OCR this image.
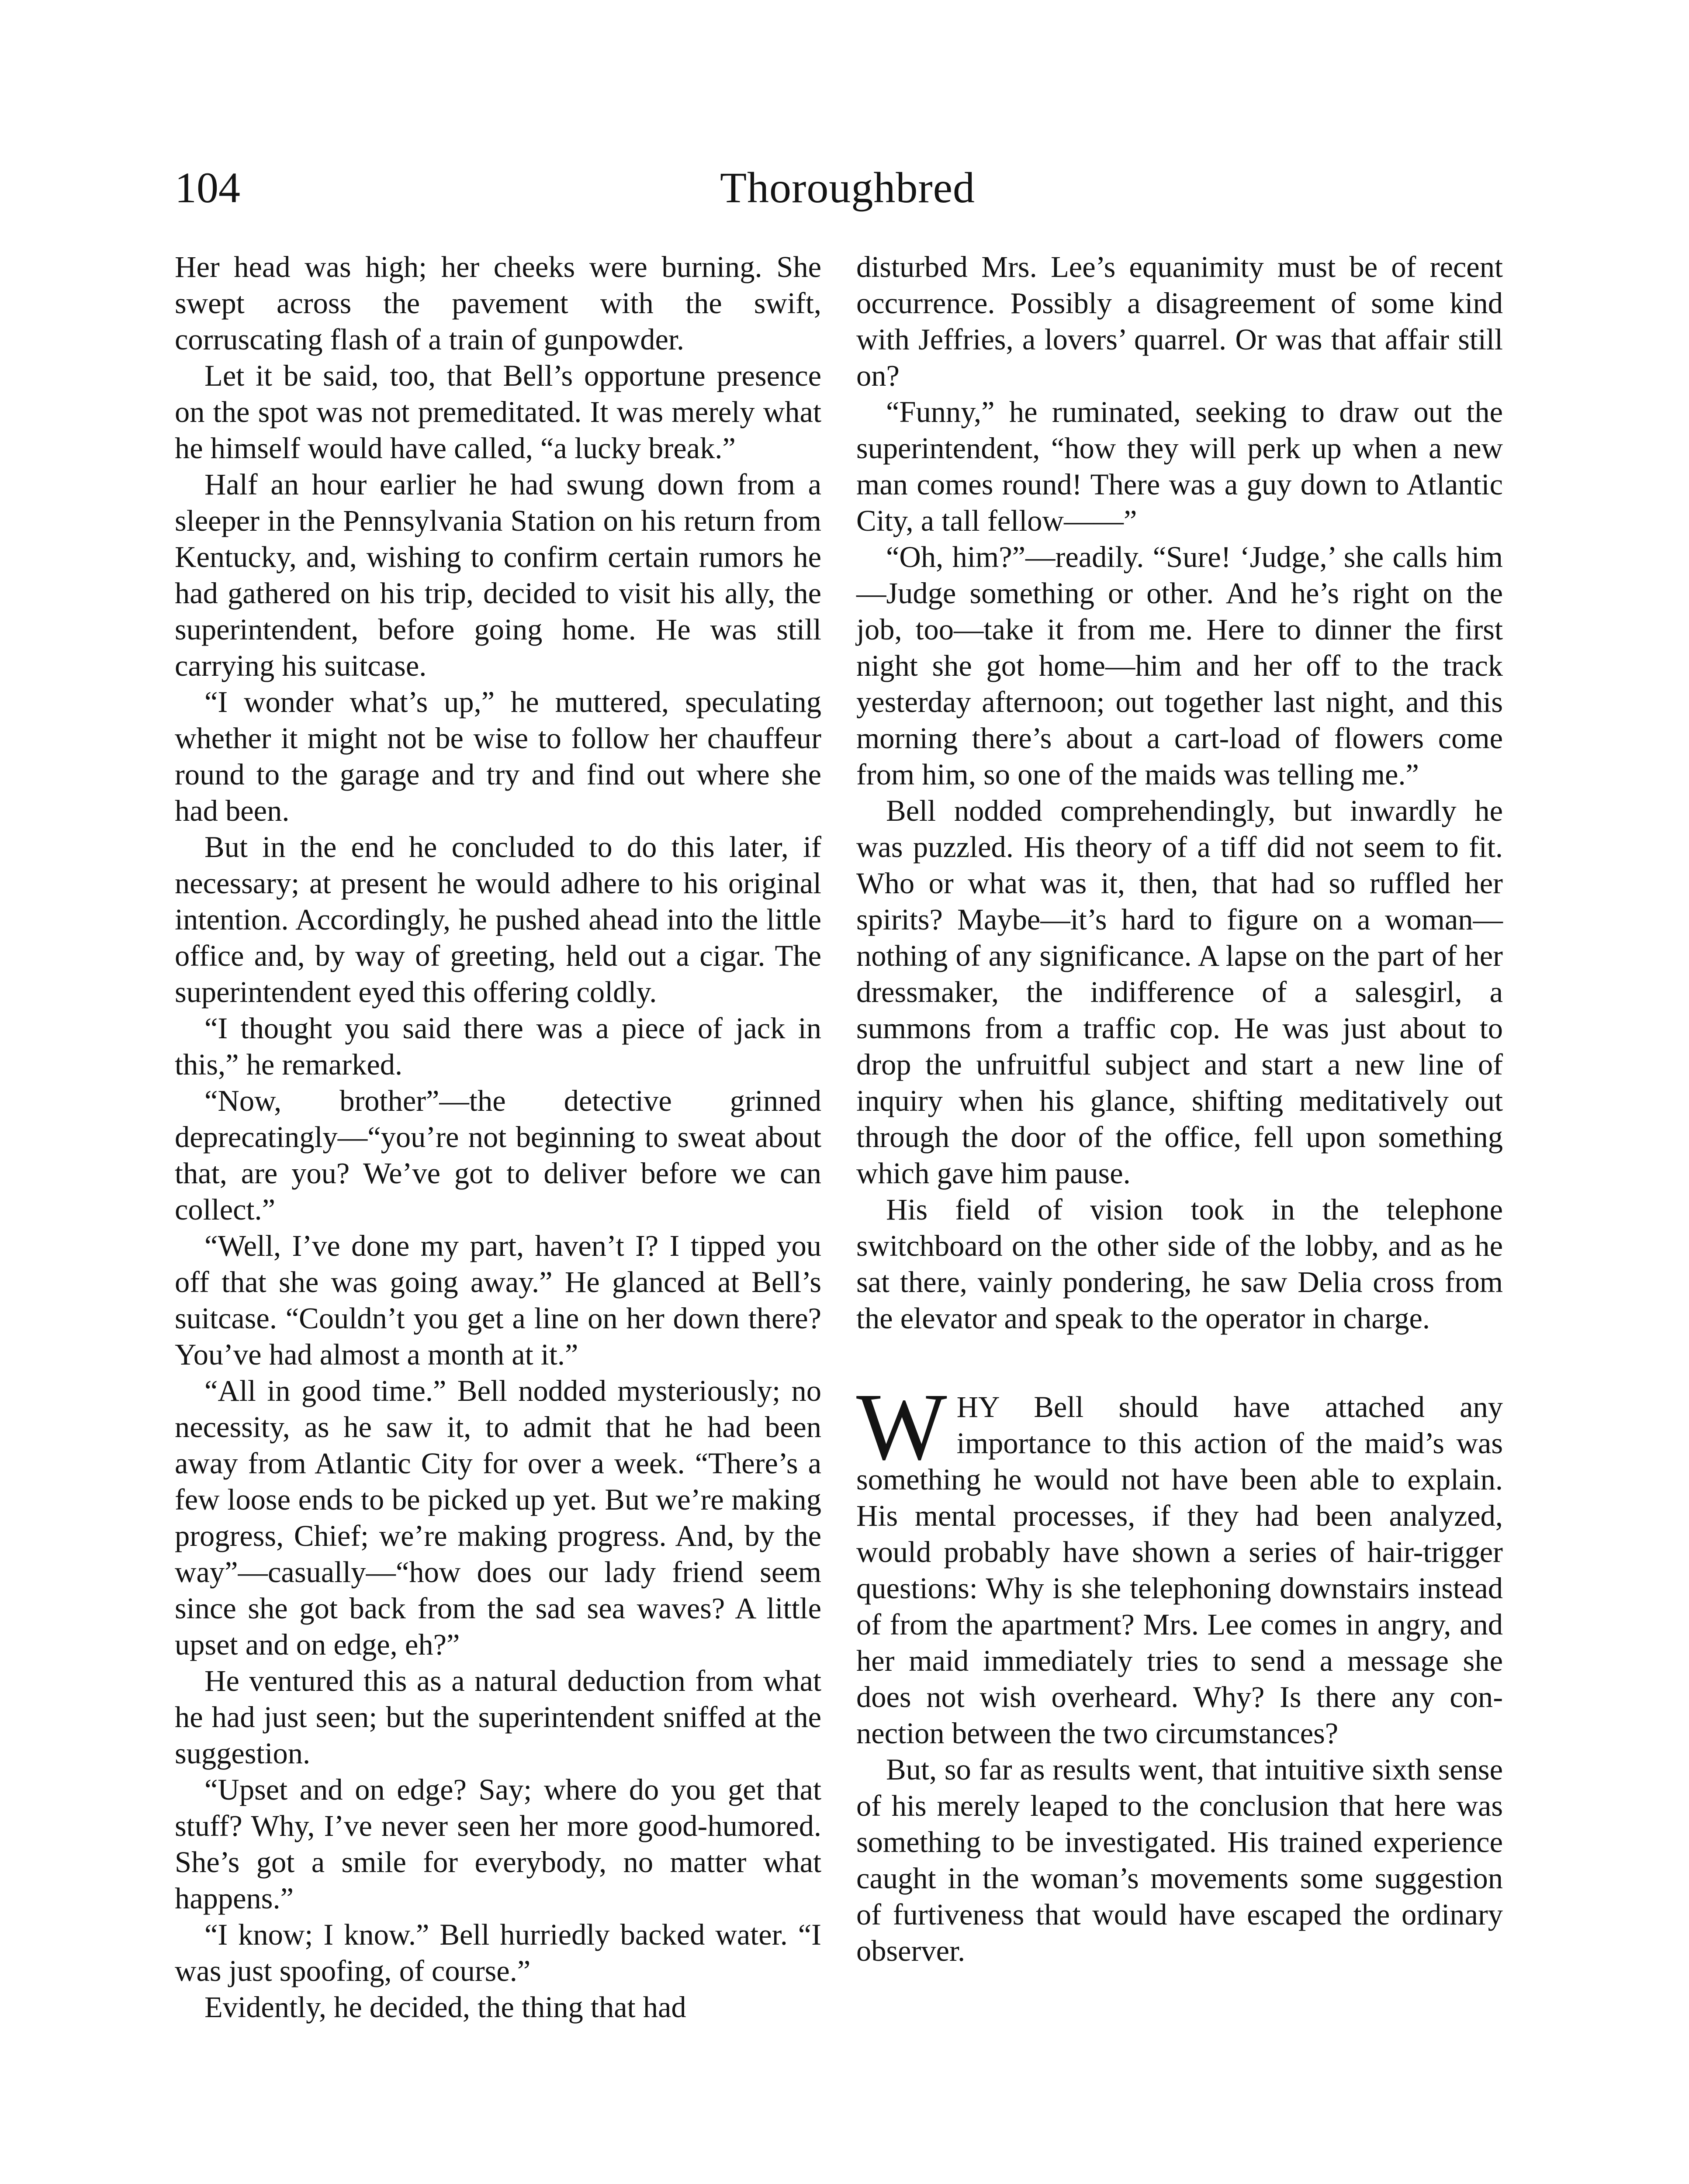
104	Thoroughbred

Her head was high; her cheeks were burning. She swept across the pavement with the swift, corruscating flash of a train of gunpowder.

Let it be said, too, that Bell’s opportune presence on the spot was not premeditated. It was merely what he himself would have called, “a lucky break.”

Half an hour earlier he had swung down from a sleeper in the Pennsylvania Station on his return from Kentucky, and, wishing to confirm certain rumors he had gathered on his trip, decided to visit his ally, the superintendent, before going home. He was still carrying his suitcase.

“I wonder what’s up,” he muttered, speculating whether it might not be wise to follow her chauffeur round to the garage and try and find out where she had been.

But in the end he concluded to do this later, if necessary; at present he would adhere to his original intention. Accordingly, he pushed ahead into the little office and, by way of greeting, held out a cigar. The superintendent eyed this offering coldly.

“I thought you said there was a piece of jack in this,” he remarked.

“Now, brother”—the detective grinned deprecatingly—“you’re not beginning to sweat about that, are you? We’ve got to deliver before we can collect.”

“Well, I’ve done my part, haven’t I? I tipped you off that she was going away.” He glanced at Bell’s suitcase. “Couldn’t you get a line on her down there? You’ve had almost a month at it.”

“All in good time.” Bell nodded mysteriously; no necessity, as he saw it, to admit that he had been away from Atlantic City for over a week. “There’s a few loose ends to be picked up yet. But we’re making progress, Chief; we’re making progress. And, by the way”—casually—“how does our lady friend seem since she got back from the sad sea waves? A little upset and on edge, eh?”

He ventured this as a natural deduction from what he had just seen; but the superintendent sniffed at the suggestion.

“Upset and on edge? Say; where do you get that stuff? Why, I’ve never seen her more good-humored. She’s got a smile for everybody, no matter what happens.”

“I know; I know.” Bell hurriedly backed water. “I was just spoofing, of course.”

Evidently, he decided, the thing that had

disturbed Mrs. Lee’s equanimity must be of recent occurrence. Possibly a disagreement of some kind with Jeffries, a lovers’ quarrel. Or was that affair still on?

“Funny,” he ruminated, seeking to draw out the superintendent, “how they will perk up when a new man comes round! There was a guy down to Atlantic City, a tall fellow——”

“Oh, him?”—readily. “Sure! ‘Judge,’ she calls him—Judge something or other. And he’s right on the job, too—take it from me. Here to dinner the first night she got home—him and her off to the track yesterday afternoon; out together last night, and this morning there’s about a cart-load of flowers come from him, so one of the maids was telling me.”

Bell nodded comprehendingly, but inwardly he was puzzled. His theory of a tiff did not seem to fit. Who or what was it, then, that had so ruffled her spirits? Maybe—it’s hard to figure on a woman—nothing of any significance. A lapse on the part of her dressmaker, the indifference of a salesgirl, a summons from a traffic cop. He was just about to drop the unfruitful subject and start a new line of inquiry when his glance, shifting meditatively out through the door of the office, fell upon something which gave him pause.

His field of vision took in the telephone switchboard on the other side of the lobby, and as he sat there, vainly pondering, he saw Delia cross from the elevator and speak to the operator in charge.

WHY Bell should have attached any importance to this action of the maid’s was something he would not have been able to explain. His mental processes, if they had been analyzed, would probably have shown a series of hair-trigger questions: Why is she telephoning downstairs instead of from the apartment? Mrs. Lee comes in angry, and her maid immediately tries to send a message she does not wish overheard. Why? Is there any connection between the two circumstances?

But, so far as results went, that intuitive sixth sense of his merely leaped to the conclusion that here was something to be investigated. His trained experience caught in the woman’s movements some suggestion of furtiveness that would have escaped the ordinary observer.
